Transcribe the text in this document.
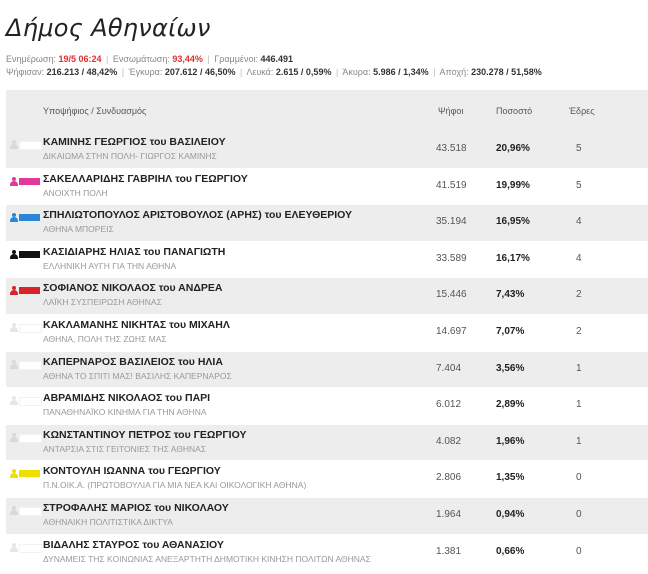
Δήμος Αθηναίων
Ενημέρωση: 19/5 06:24 | Ενσωμάτωση: 93,44% | Γραμμένοι: 446.491
Ψήφισαν: 216.213 / 48,42% | Έγκυρα: 207.612 / 46,50% | Λευκά: 2.615 / 0,59% | Άκυρα: 5.986 / 1,34% | Αποχή: 230.278 / 51,58%
Υποψήφιος / Συνδυασμός	Ψήφοι	Ποσοστό	Έδρες
ΚΑΜΙΝΗΣ ΓΕΩΡΓΙΟΣ του ΒΑΣΙΛΕΙΟΥ
ΔΙΚΑΙΩΜΑ ΣΤΗΝ ΠΟΛΗ- ΓΙΩΡΓΟΣ ΚΑΜΙΝΗΣ
43.518	20,96%	5
ΣΑΚΕΛΛΑΡΙΔΗΣ ΓΑΒΡΙΗΛ του ΓΕΩΡΓΙΟΥ
ΑΝΟΙΧΤΗ ΠΟΛΗ
41.519	19,99%	5
ΣΠΗΛΙΩΤΟΠΟΥΛΟΣ ΑΡΙΣΤΟΒΟΥΛΟΣ (ΑΡΗΣ) του ΕΛΕΥΘΕΡΙΟΥ
ΑΘΗΝΑ ΜΠΟΡΕΙΣ
35.194	16,95%	4
ΚΑΣΙΔΙΑΡΗΣ ΗΛΙΑΣ του ΠΑΝΑΓΙΩΤΗ
ΕΛΛΗΝΙΚΗ ΑΥΓΗ ΓΙΑ ΤΗΝ ΑΘΗΝΑ
33.589	16,17%	4
ΣΟΦΙΑΝΟΣ ΝΙΚΟΛΑΟΣ του ΑΝΔΡΕΑ
ΛΑΪΚΗ ΣΥΣΠΕΙΡΩΣΗ ΑΘΗΝΑΣ
15.446	7,43%	2
ΚΑΚΛΑΜΑΝΗΣ ΝΙΚΗΤΑΣ του ΜΙΧΑΗΛ
ΑΘΗΝΑ, ΠΟΛΗ ΤΗΣ ΖΩΗΣ ΜΑΣ
14.697	7,07%	2
ΚΑΠΕΡΝΑΡΟΣ ΒΑΣΙΛΕΙΟΣ του ΗΛΙΑ
ΑΘΗΝΑ ΤΟ ΣΠΙΤΙ ΜΑΣ! ΒΑΣΙΛΗΣ ΚΑΠΕΡΝΑΡΟΣ
7.404	3,56%	1
ΑΒΡΑΜΙΔΗΣ ΝΙΚΟΛΑΟΣ του ΠΑΡΙ
ΠΑΝΑΘΗΝΑΪΚΟ ΚΙΝΗΜΑ ΓΙΑ ΤΗΝ ΑΘΗΝΑ
6.012	2,89%	1
ΚΩΝΣΤΑΝΤΙΝΟΥ ΠΕΤΡΟΣ του ΓΕΩΡΓΙΟΥ
ΑΝΤΑΡΣΙΑ ΣΤΙΣ ΓΕΙΤΟΝΙΕΣ ΤΗΣ ΑΘΗΝΑΣ
4.082	1,96%	1
ΚΟΝΤΟΥΛΗ ΙΩΑΝΝΑ του ΓΕΩΡΓΙΟΥ
Π.Ν.ΟΙΚ.Α. (ΠΡΩΤΟΒΟΥΛΙΑ ΓΙΑ ΜΙΑ ΝΕΑ ΚΑΙ ΟΙΚΟΛΟΓΙΚΗ ΑΘΗΝΑ)
2.806	1,35%	0
ΣΤΡΟΦΑΛΗΣ ΜΑΡΙΟΣ του ΝΙΚΟΛΑΟΥ
ΑΘΗΝΑΙΚΗ ΠΟΛΙΤΙΣΤΙΚΑ ΔΙΚΤΥΑ
1.964	0,94%	0
ΒΙΔΑΛΗΣ ΣΤΑΥΡΟΣ του ΑΘΑΝΑΣΙΟΥ
ΔΥΝΑΜΕΙΣ ΤΗΣ ΚΟΙΝΩΝΙΑΣ ΑΝΕΞΑΡΤΗΤΗ ΔΗΜΟΤΙΚΗ ΚΙΝΗΣΗ ΠΟΛΙΤΩΝ ΑΘΗΝΑΣ
1.381	0,66%	0
